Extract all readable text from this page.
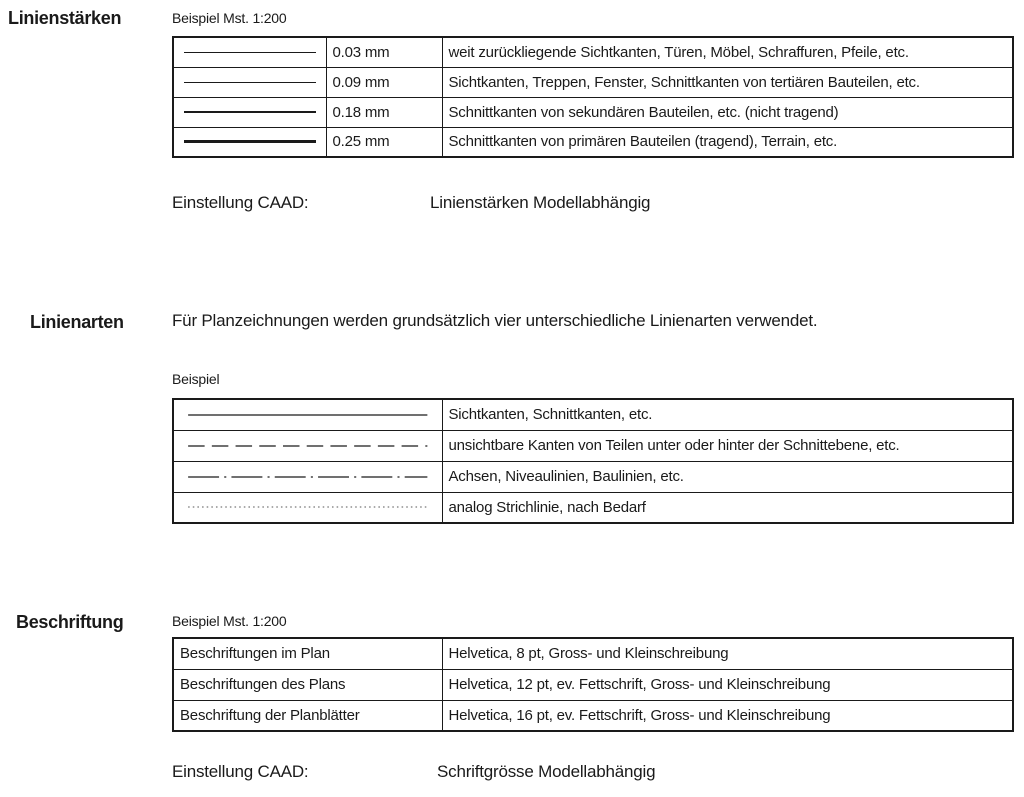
Linienstärken	Beispiel Mst. 1:200
	0.03 mm	weit zurückliegende Sichtkanten, Türen, Möbel, Schraffuren, Pfeile, etc.

	0.09 mm	Sichtkanten, Treppen, Fenster, Schnittkanten von tertiären Bauteilen, etc.

	0.18 mm	Schnittkanten von sekundären Bauteilen, etc. (nicht tragend)

	0.25 mm	Schnittkanten von primären Bauteilen (tragend), Terrain, etc.
Einstellung CAAD:	Linienstärken Modellabhängig
Linienarten	Für Planzeichnungen werden grundsätzlich vier unterschiedliche Linienarten verwendet.
Beispiel
	Sichtkanten, Schnittkanten, etc.

	unsichtbare Kanten von Teilen unter oder hinter der Schnittebene, etc.

	Achsen, Niveaulinien, Baulinien, etc.

	analog Strichlinie, nach Bedarf
Beschriftung	Beispiel Mst. 1:200
Beschriftungen im Plan	Helvetica, 8 pt, Gross- und Kleinschreibung
Beschriftungen des Plans	Helvetica, 12 pt, ev. Fettschrift, Gross- und Kleinschreibung
Beschriftung der Planblätter	Helvetica, 16 pt, ev. Fettschrift, Gross- und Kleinschreibung
Einstellung CAAD:	Schriftgrösse Modellabhängig
